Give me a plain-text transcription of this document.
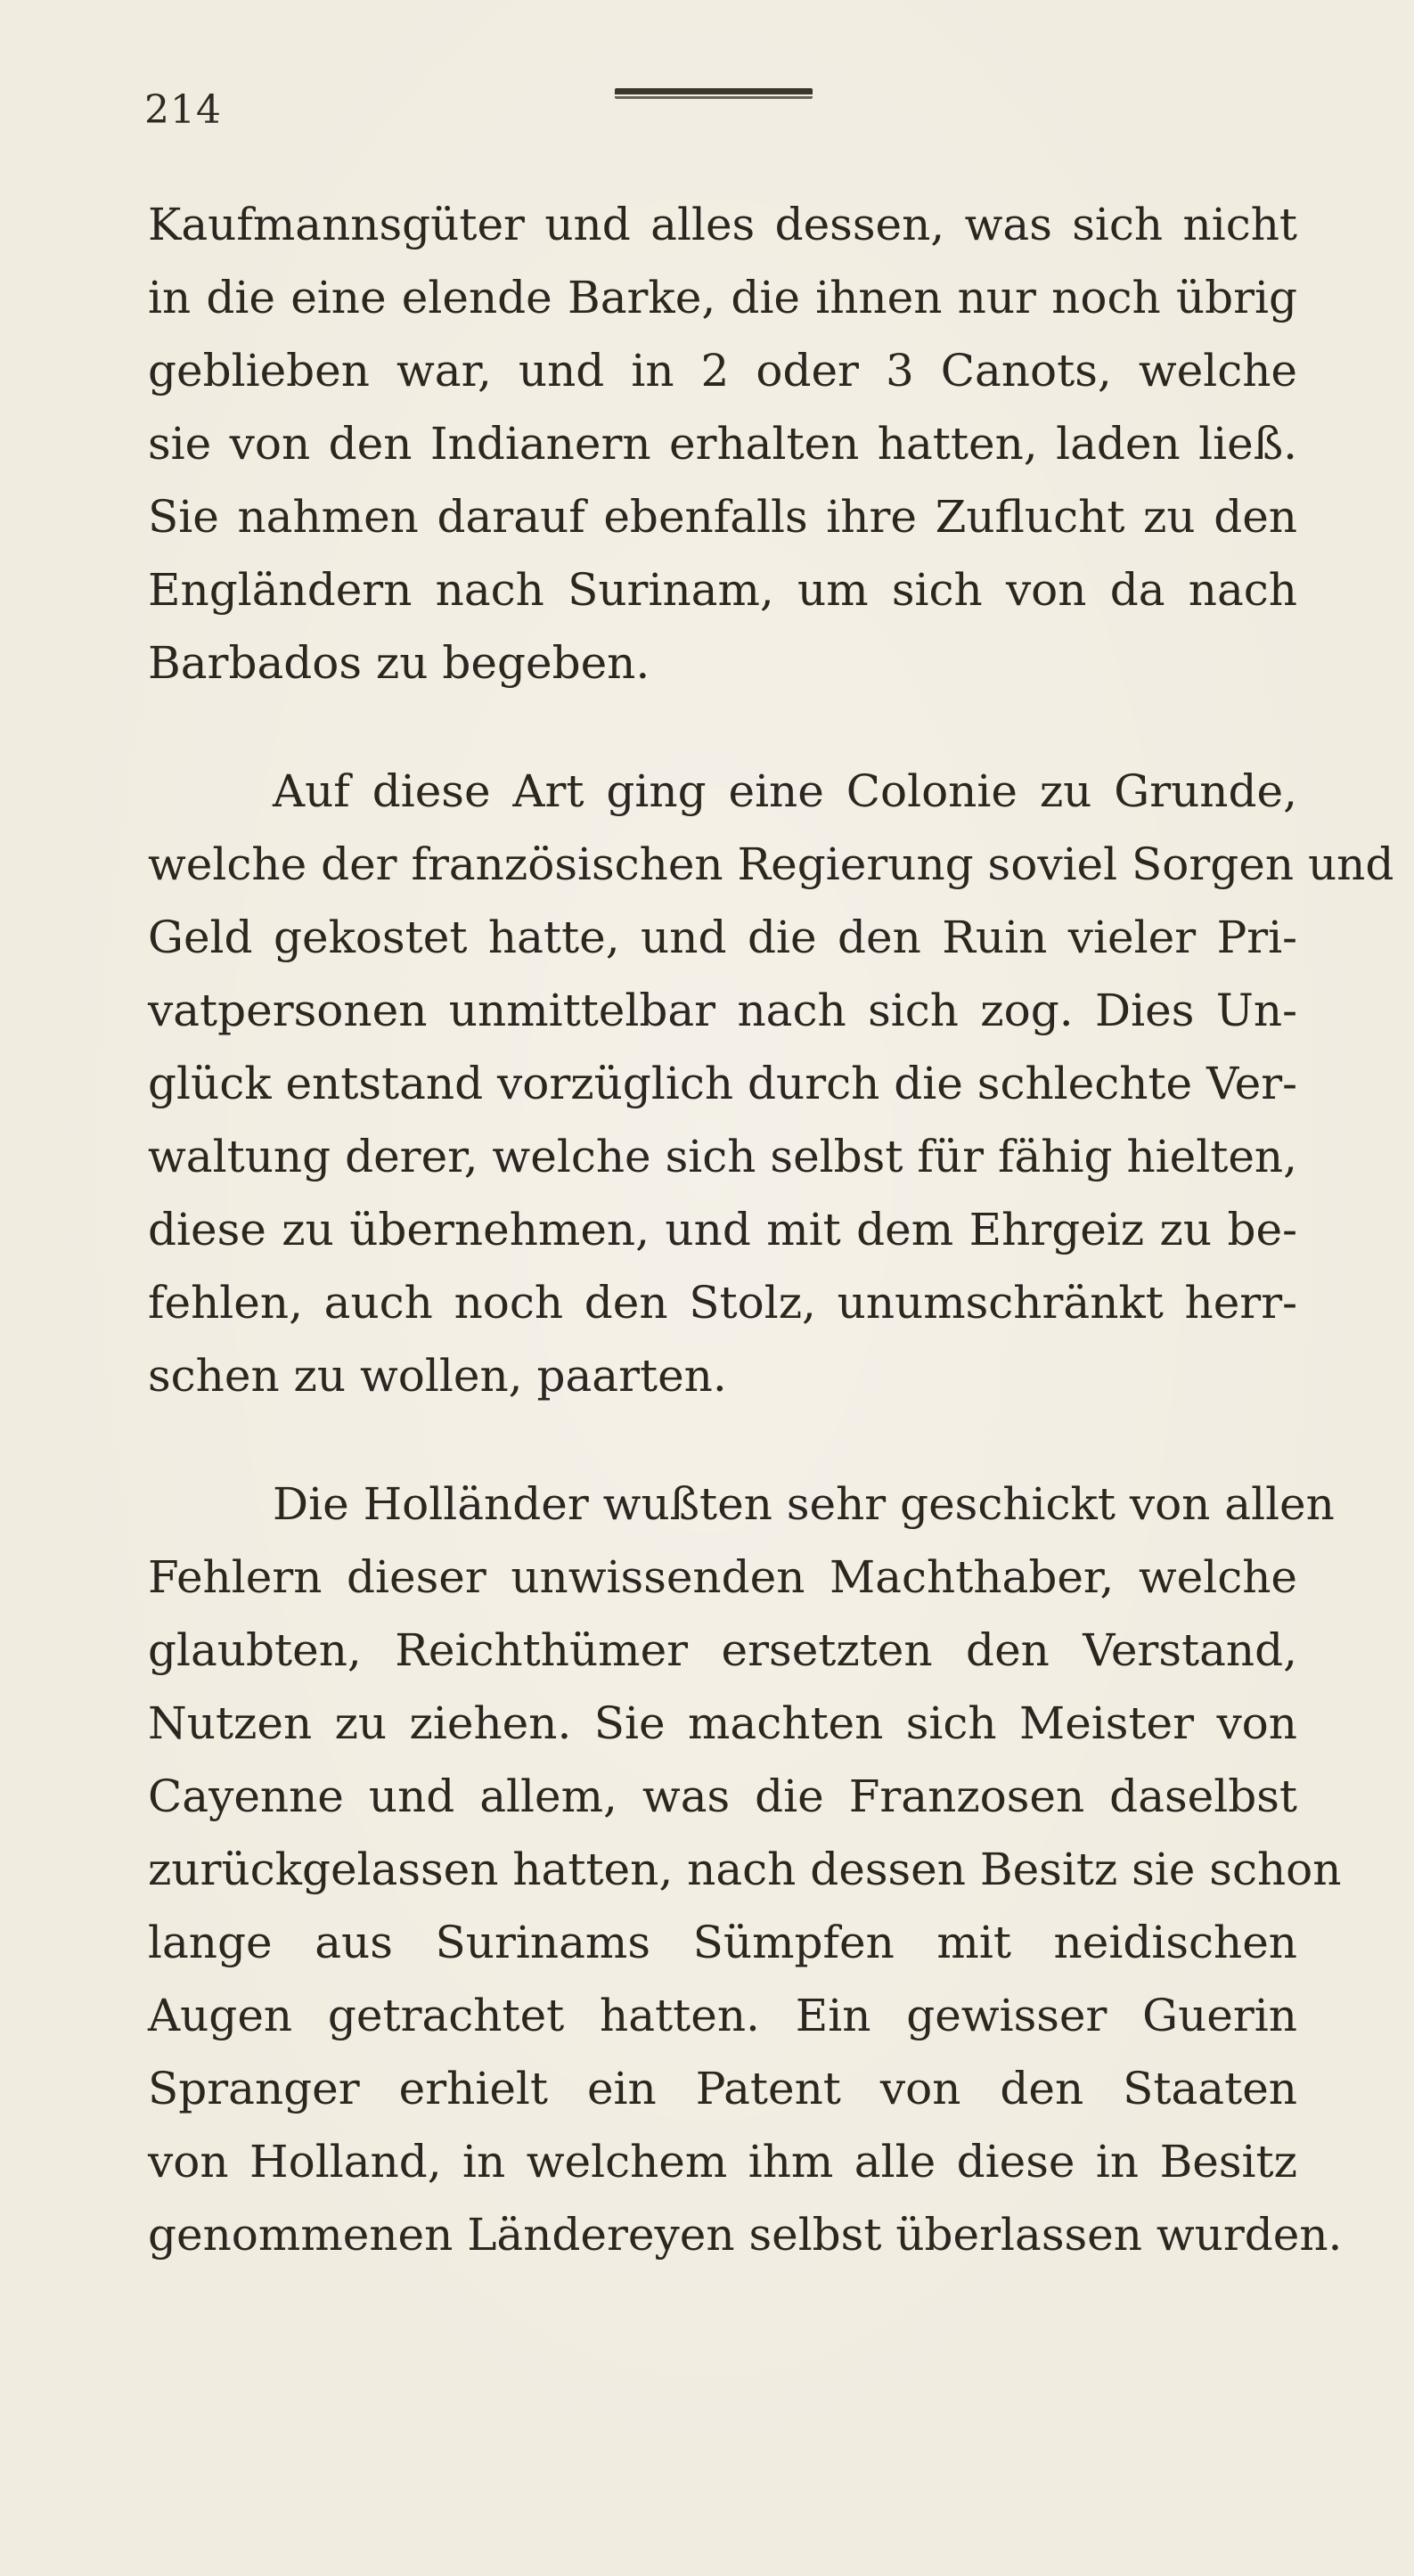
214
Kaufmannsgüter und alles dessen, was sich nicht
in die eine elende Barke, die ihnen nur noch übrig
geblieben war, und in 2 oder 3 Canots, welche
sie von den Indianern erhalten hatten, laden ließ.
Sie nahmen darauf ebenfalls ihre Zuflucht zu den
Engländern nach Surinam, um sich von da nach
Barbados zu begeben.
Auf diese Art ging eine Colonie zu Grunde,
welche der französischen Regierung soviel Sorgen und
Geld gekostet hatte, und die den Ruin vieler Pri-
vatpersonen unmittelbar nach sich zog. Dies Un-
glück entstand vorzüglich durch die schlechte Ver-
waltung derer, welche sich selbst für fähig hielten,
diese zu übernehmen, und mit dem Ehrgeiz zu be-
fehlen, auch noch den Stolz, unumschränkt herr-
schen zu wollen, paarten.
Die Holländer wußten sehr geschickt von allen
Fehlern dieser unwissenden Machthaber, welche
glaubten, Reichthümer ersetzten den Verstand,
Nutzen zu ziehen. Sie machten sich Meister von
Cayenne und allem, was die Franzosen daselbst
zurückgelassen hatten, nach dessen Besitz sie schon
lange aus Surinams Sümpfen mit neidischen
Augen getrachtet hatten. Ein gewisser Guerin
Spranger erhielt ein Patent von den Staaten
von Holland, in welchem ihm alle diese in Besitz
genommenen Ländereyen selbst überlassen wurden.
